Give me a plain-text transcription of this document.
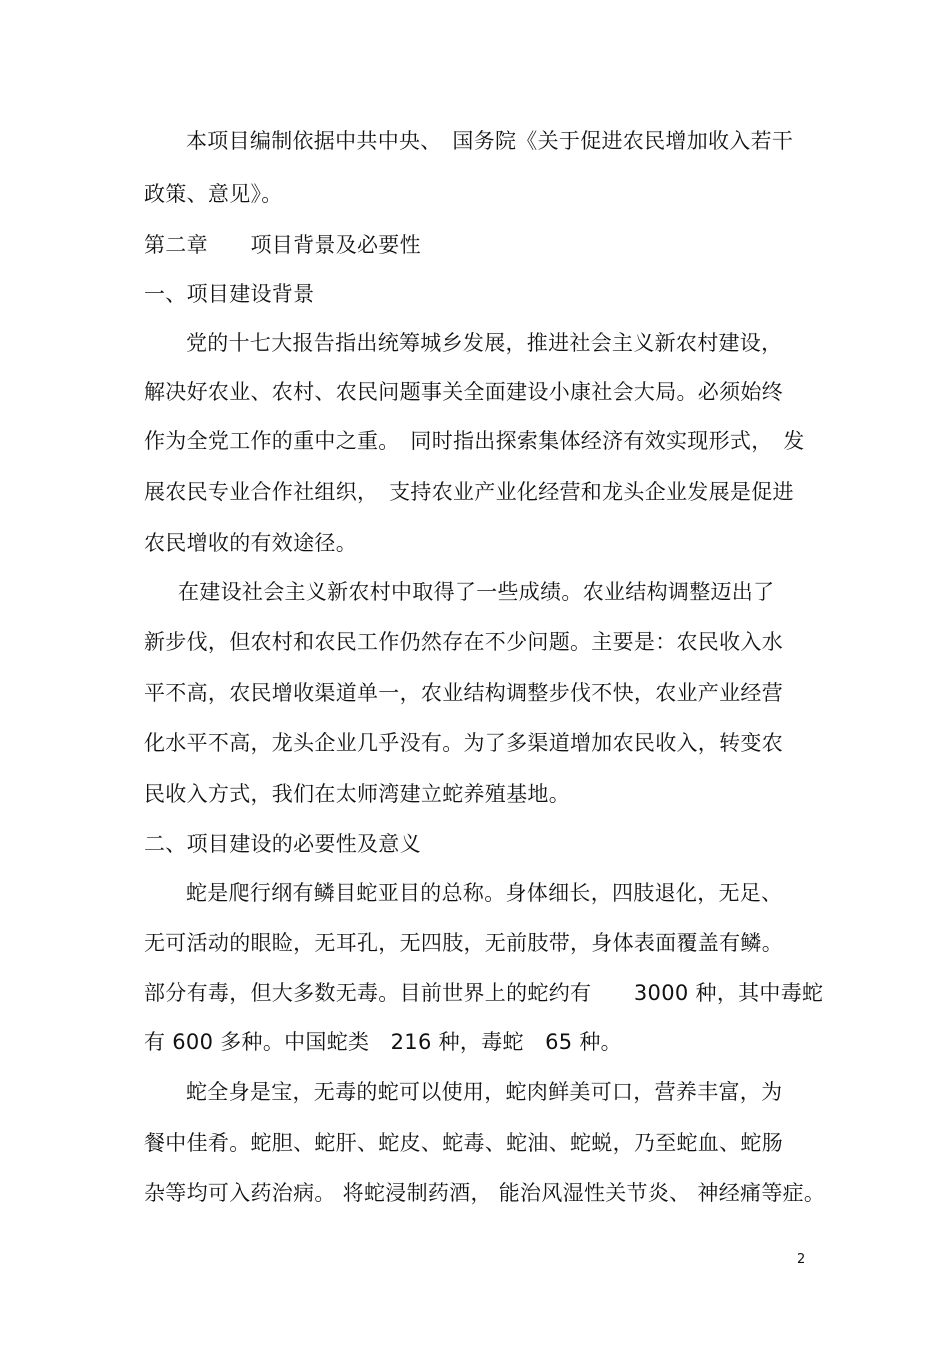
本项目编制依据中共中央、　国务院《关于促进农民增加收入若干
政策、意见》。
第二章　　项目背景及必要性
一、项目建设背景
党的十七大报告指出统筹城乡发展，推进社会主义新农村建设，
解决好农业、农村、农民问题事关全面建设小康社会大局。必须始终
作为全党工作的重中之重。　同时指出探索集体经济有效实现形式，　发
展农民专业合作社组织，　支持农业产业化经营和龙头企业发展是促进
农民增收的有效途径。
在建设社会主义新农村中取得了一些成绩。农业结构调整迈出了
新步伐，但农村和农民工作仍然存在不少问题。主要是：农民收入水
平不高，农民增收渠道单一，农业结构调整步伐不快，农业产业经营
化水平不高，龙头企业几乎没有。为了多渠道增加农民收入，转变农
民收入方式，我们在太师湾建立蛇养殖基地。
二、项目建设的必要性及意义
蛇是爬行纲有鳞目蛇亚目的总称。身体细长，四肢退化，无足、
无可活动的眼睑，无耳孔，无四肢，无前肢带，身体表面覆盖有鳞。
部分有毒，但大多数无毒。目前世界上的蛇约有　　3000 种，其中毒蛇
有 600 多种。中国蛇类　216 种，毒蛇　65 种。
蛇全身是宝，无毒的蛇可以使用，蛇肉鲜美可口，营养丰富，为
餐中佳肴。蛇胆、蛇肝、蛇皮、蛇毒、蛇油、蛇蜕，乃至蛇血、蛇肠
杂等均可入药治病。 将蛇浸制药酒， 能治风湿性关节炎、 神经痛等症。
2
